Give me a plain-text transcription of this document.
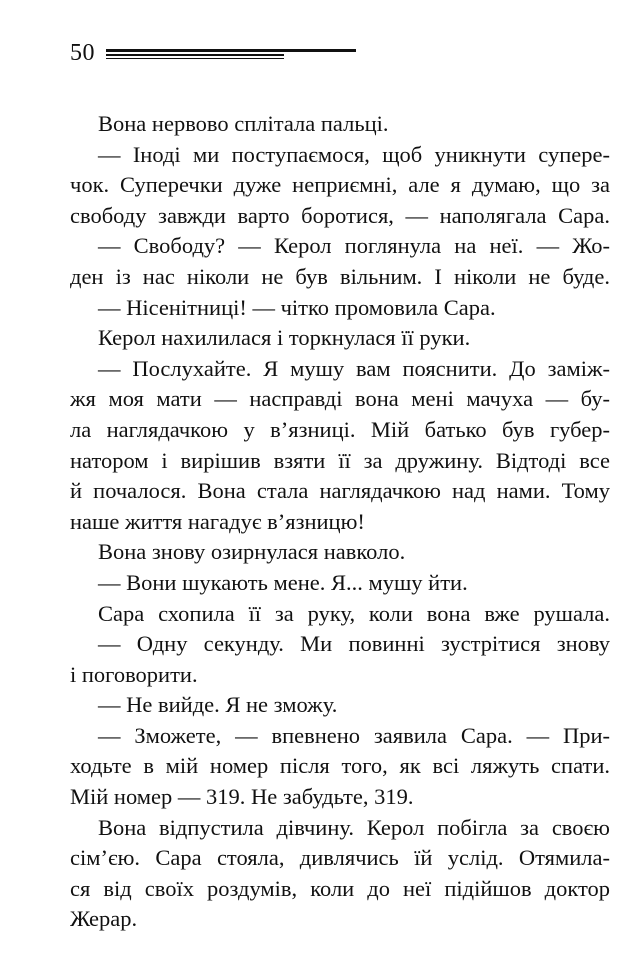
50
Вона нервово сплітала пальці.
— Іноді ми поступаємося, щоб уникнути супере-
чок. Суперечки дуже неприємні, але я думаю, що за
свободу завжди варто боротися, — наполягала Сара.
— Свободу? — Керол поглянула на неї. — Жо-
ден із нас ніколи не був вільним. І ніколи не буде.
— Нісенітниці! — чітко промовила Сара.
Керол нахилилася і торкнулася її руки.
— Послухайте. Я мушу вам пояснити. До заміж-
жя моя мати — насправді вона мені мачуха — бу-
ла наглядачкою у в’язниці. Мій батько був губер-
натором і вирішив взяти її за дружину. Відтоді все
й почалося. Вона стала наглядачкою над нами. Тому
наше життя нагадує в’язницю!
Вона знову озирнулася навколо.
— Вони шукають мене. Я... мушу йти.
Сара схопила її за руку, коли вона вже рушала.
— Одну секунду. Ми повинні зустрітися знову
і поговорити.
— Не вийде. Я не зможу.
— Зможете, — впевнено заявила Сара. — При-
ходьте в мій номер після того, як всі ляжуть спати.
Мій номер — 319. Не забудьте, 319.
Вона відпустила дівчину. Керол побігла за своєю
сім’єю. Сара стояла, дивлячись їй услід. Отямила-
ся від своїх роздумів, коли до неї підійшов доктор
Жерар.
